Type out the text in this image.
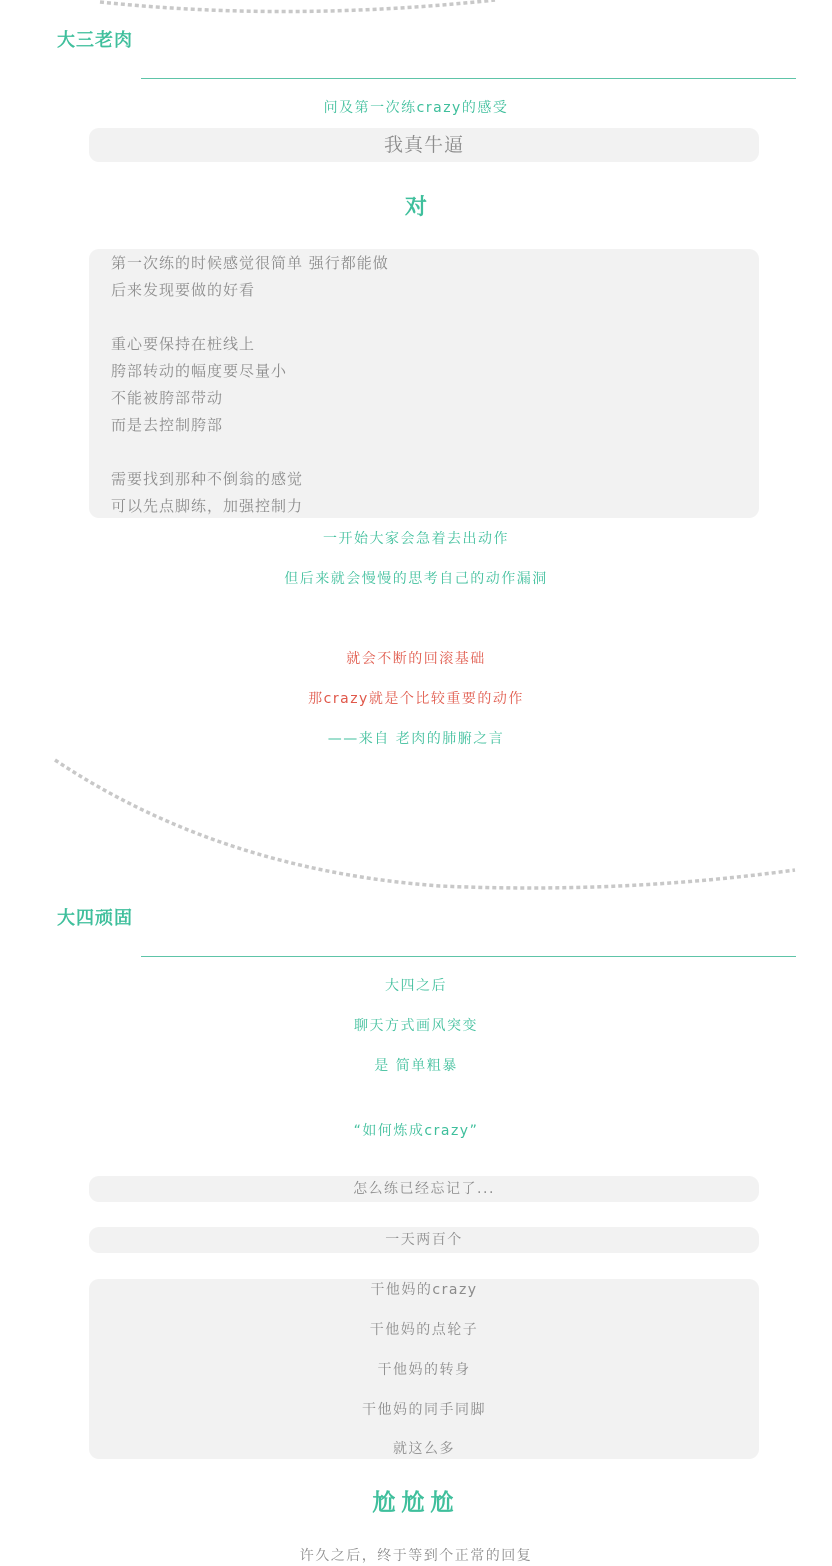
大三老肉
问及第一次练crazy的感受
我真牛逼
对
第一次练的时候感觉很简单 强行都能做
后来发现要做的好看
重心要保持在桩线上
胯部转动的幅度要尽量小
不能被胯部带动
而是去控制胯部
需要找到那种不倒翁的感觉
可以先点脚练，加强控制力
一开始大家会急着去出动作
但后来就会慢慢的思考自己的动作漏洞
就会不断的回滚基础
那crazy就是个比较重要的动作
——来自 老肉的肺腑之言
大四顽固
大四之后
聊天方式画风突变
是 简单粗暴
“如何炼成crazy”
怎么练已经忘记了...
一天两百个
干他妈的crazy
干他妈的点轮子
干他妈的转身
干他妈的同手同脚
就这么多
尬尬尬
许久之后，终于等到个正常的回复
